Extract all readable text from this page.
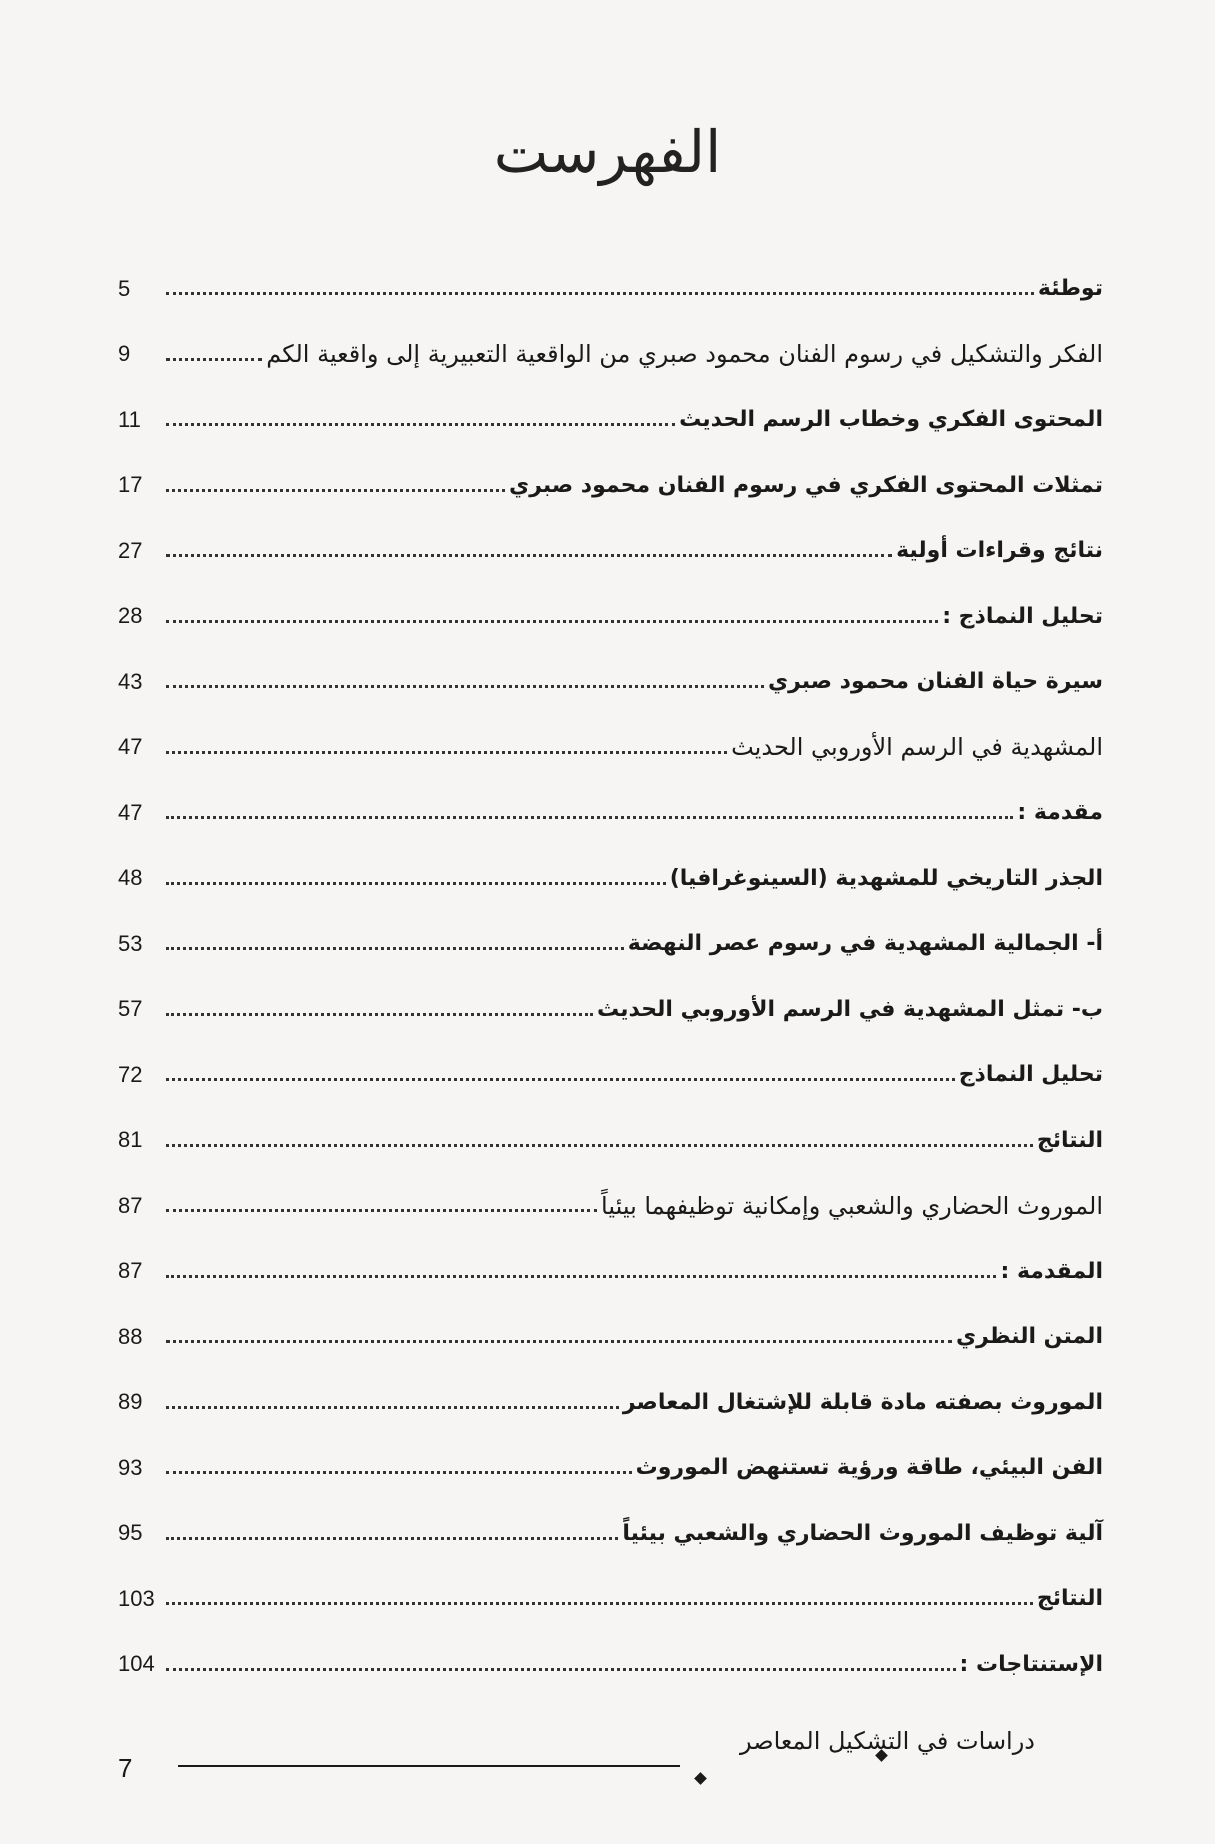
الفهرست
توطئة
5
الفكر والتشكيل في رسوم الفنان محمود صبري من الواقعية التعبيرية إلى واقعية الكم
9
المحتوى الفكري وخطاب الرسم الحديث
11
تمثلات المحتوى الفكري في رسوم الفنان محمود صبري
17
نتائج وقراءات أولية
27
تحليل النماذج :
28
سيرة حياة الفنان محمود صبري
43
المشهدية في الرسم الأوروبي الحديث
47
مقدمة :
47
الجذر التاريخي للمشهدية (السينوغرافيا)
48
أ- الجمالية المشهدية في رسوم عصر النهضة
53
ب- تمثل المشهدية في الرسم الأوروبي الحديث
57
تحليل النماذج
72
النتائج
81
الموروث الحضاري والشعبي وإمكانية توظيفهما بيئياً
87
المقدمة :
87
المتن النظري
88
الموروث بصفته مادة قابلة للإشتغال المعاصر
89
الفن البيئي، طاقة ورؤية تستنهض الموروث
93
آلية توظيف الموروث الحضاري والشعبي بيئياً
95
النتائج
103
الإستنتاجات :
104
دراسات في التشكيل المعاصر
7
